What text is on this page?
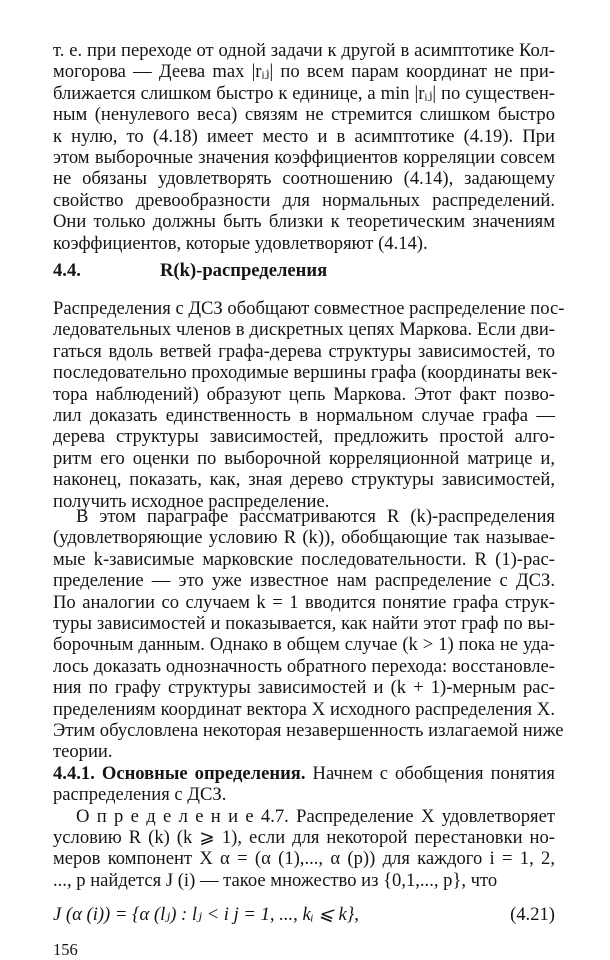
т. е. при переходе от одной задачи к другой в асимптотике Кол-
могорова — Деева max |rᵢⱼ| по всем парам координат не при-
ближается слишком быстро к единице, а min |rᵢⱼ| по существен-
ным (ненулевого веса) связям не стремится слишком быстро
к нулю, то (4.18) имеет место и в асимптотике (4.19). При
этом выборочные значения коэффициентов корреляции совсем
не обязаны удовлетворять соотношению (4.14), задающему
свойство древообразности для нормальных распределений.
Они только должны быть близки к теоретическим значениям
коэффициентов, которые удовлетворяют (4.14).
4.4.	R(k)-распределения
Распределения с ДСЗ обобщают совместное распределение пос-
ледовательных членов в дискретных цепях Маркова. Если дви-
гаться вдоль ветвей графа-дерева структуры зависимостей, то
последовательно проходимые вершины графа (координаты век-
тора наблюдений) образуют цепь Маркова. Этот факт позво-
лил доказать единственность в нормальном случае графа —
дерева структуры зависимостей, предложить простой алго-
ритм его оценки по выборочной корреляционной матрице и,
наконец, показать, как, зная дерево структуры зависимостей,
получить исходное распределение.
В этом параграфе рассматриваются R (k)-распределения
(удовлетворяющие условию R (k)), обобщающие так называе-
мые k-зависимые марковские последовательности. R (1)-рас-
пределение — это уже известное нам распределение с ДСЗ.
По аналогии со случаем k = 1 вводится понятие графа струк-
туры зависимостей и показывается, как найти этот граф по вы-
борочным данным. Однако в общем случае (k > 1) пока не уда-
лось доказать однозначность обратного перехода: восстановле-
ния по графу структуры зависимостей и (k + 1)-мерным рас-
пределениям координат вектора X исходного распределения X.
Этим обусловлена некоторая незавершенность излагаемой ниже
теории.
4.4.1. Основные определения. Начнем с обобщения понятия
распределения с ДСЗ.
О п р е д е л е н и е 4.7. Распределение X удовлетворяет
условию R (k) (k ⩾ 1), если для некоторой перестановки но-
меров компонент X α = (α (1),..., α (p)) для каждого i = 1, 2,
..., p найдется J (i) — такое множество из {0,1,..., p}, что
J (α (i)) = {α (lⱼ) : lⱼ < i j = 1, ..., kᵢ ⩽ k},	(4.21)
156
